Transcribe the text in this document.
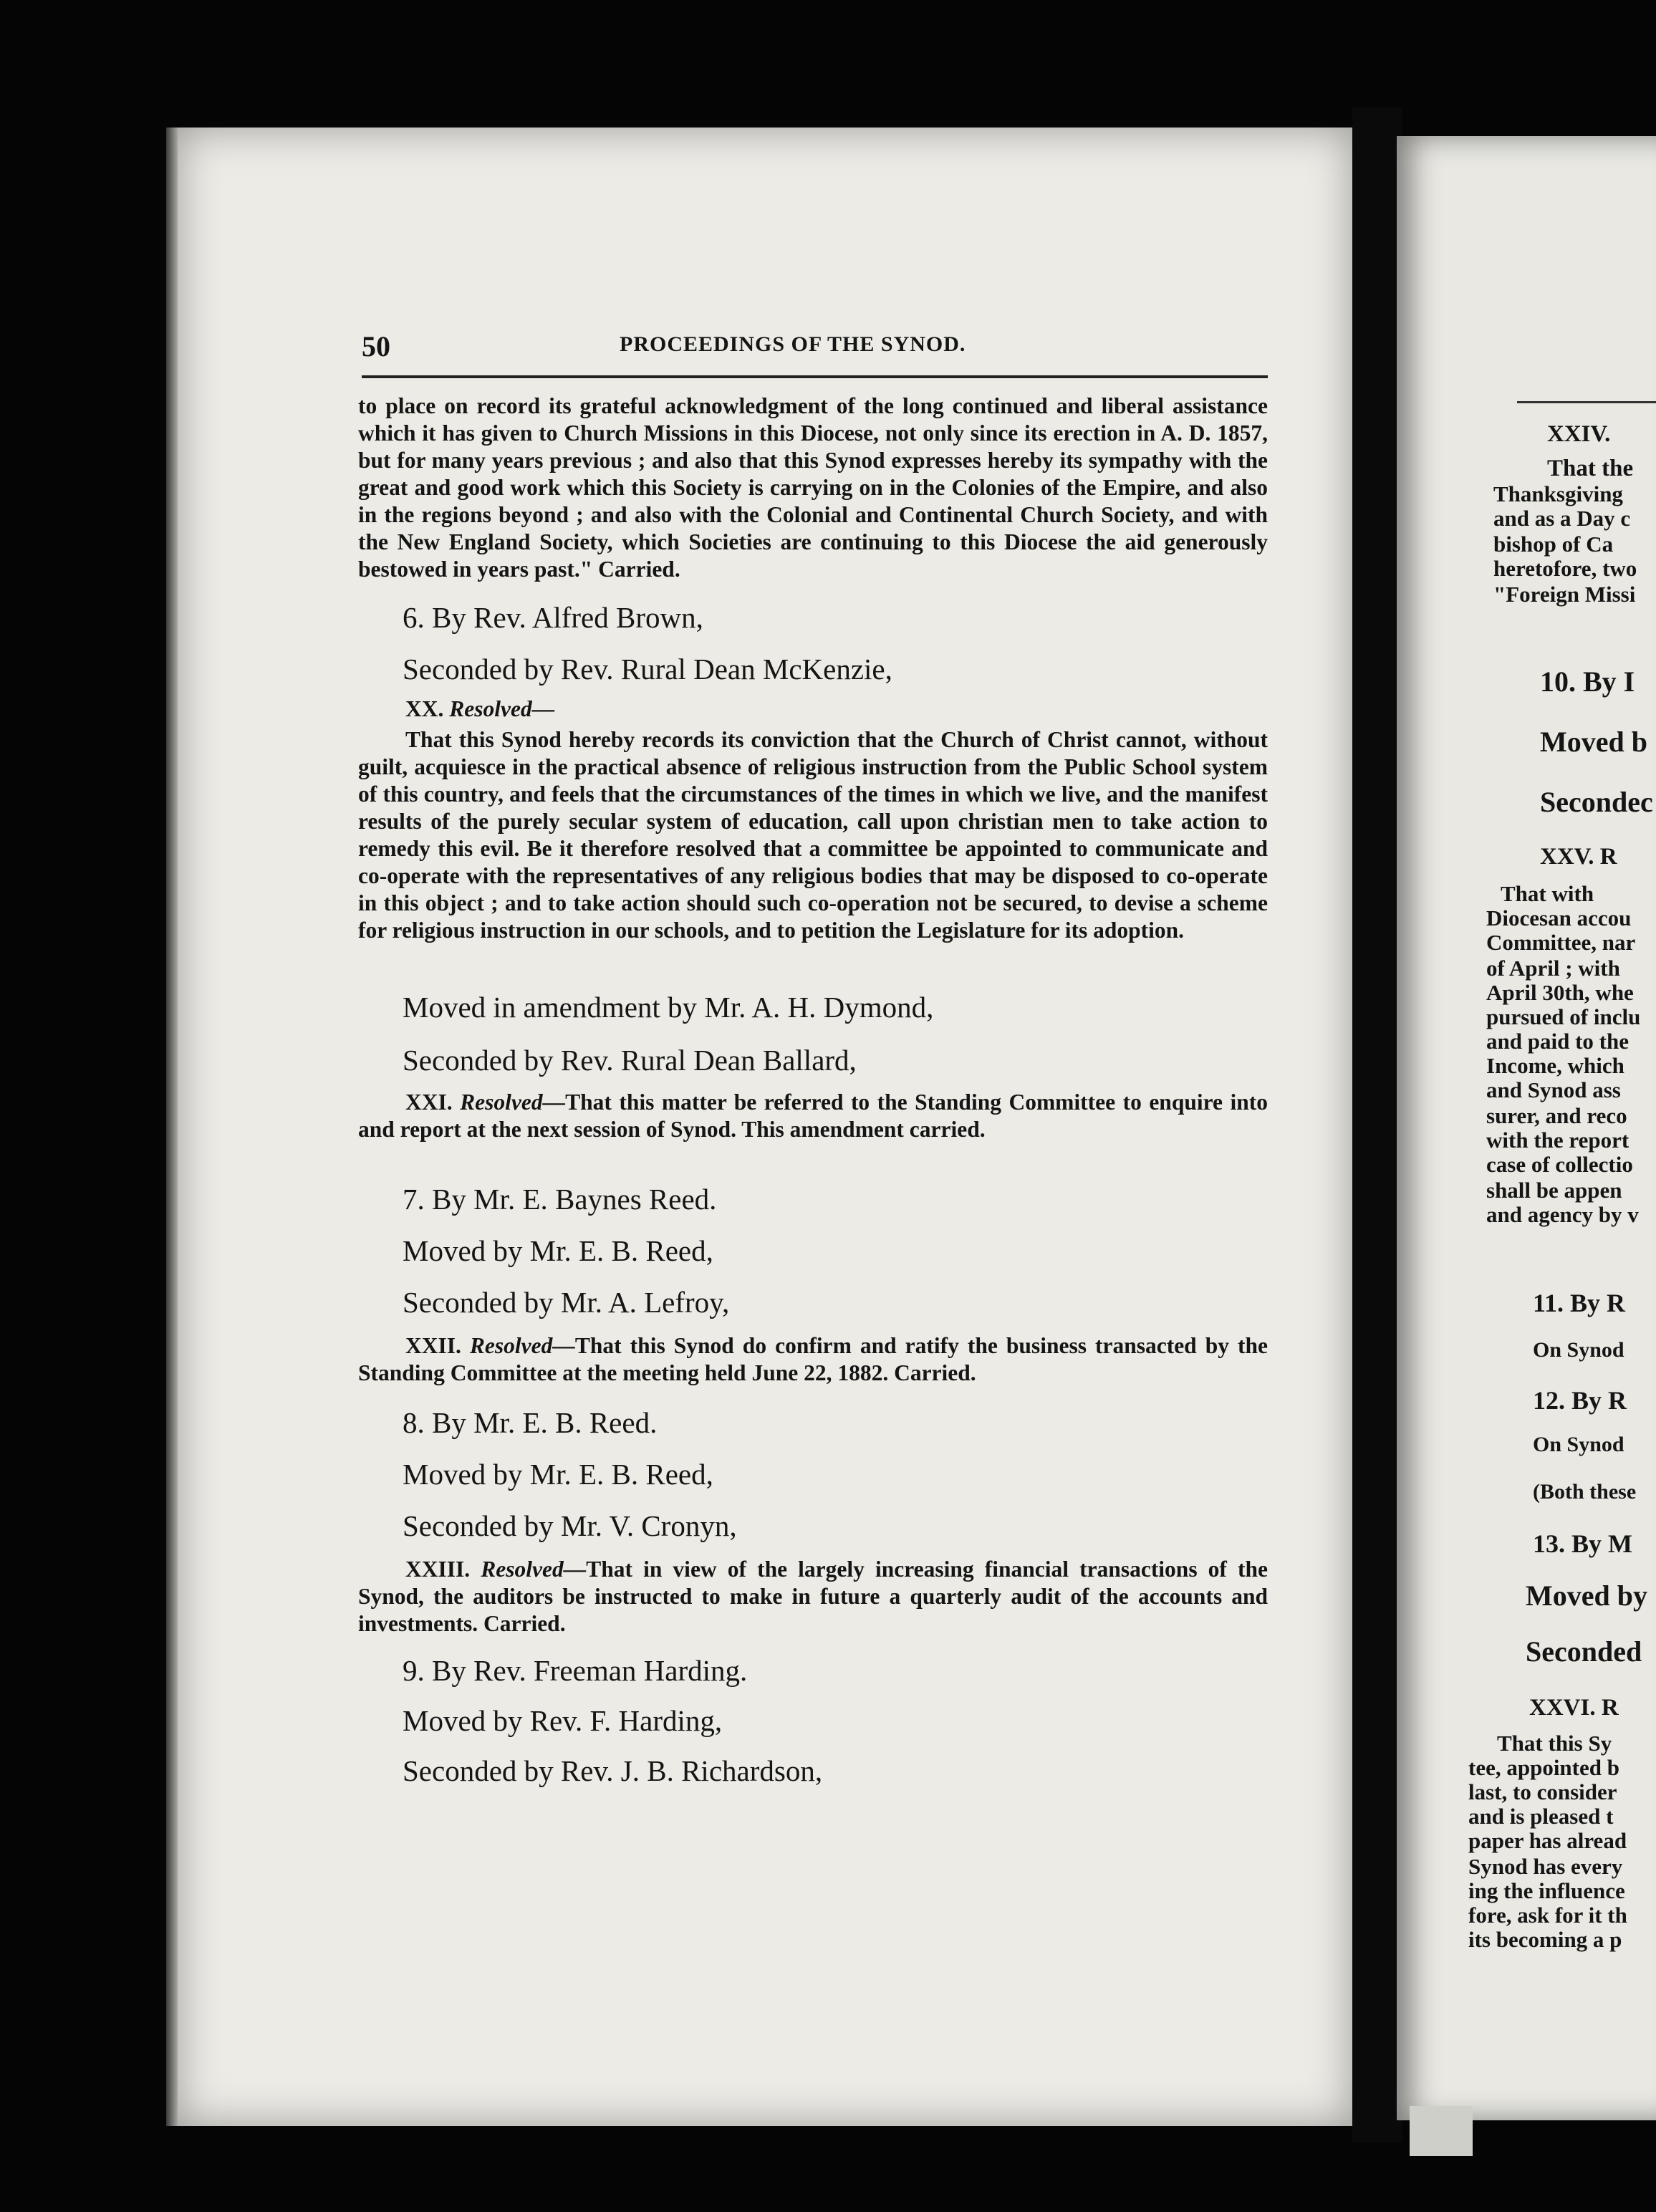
50	PROCEEDINGS OF THE SYNOD.

to place on record its grateful acknowledgment of the long continued and liberal assistance which it has given to Church Missions in this Diocese, not only since its erection in A. D. 1857, but for many years previous ; and also that this Synod expresses hereby its sympathy with the great and good work which this Society is carrying on in the Colonies of the Empire, and also in the regions beyond ; and also with the Colonial and Continental Church Society, and with the New England Society, which Societies are continuing to this Diocese the aid generously bestowed in years past." Carried.

6. By Rev. Alfred Brown,

Seconded by Rev. Rural Dean McKenzie,

XX. Resolved—

That this Synod hereby records its conviction that the Church of Christ cannot, without guilt, acquiesce in the practical absence of religious instruction from the Public School system of this country, and feels that the circumstances of the times in which we live, and the manifest results of the purely secular system of education, call upon christian men to take action to remedy this evil. Be it therefore resolved that a committee be appointed to communicate and co-operate with the representatives of any religious bodies that may be disposed to co-operate in this object ; and to take action should such co-operation not be secured, to devise a scheme for religious instruction in our schools, and to petition the Legislature for its adoption.

Moved in amendment by Mr. A. H. Dymond,

Seconded by Rev. Rural Dean Ballard,

XXI. Resolved—That this matter be referred to the Standing Committee to enquire into and report at the next session of Synod. This amendment carried.

7. By Mr. E. Baynes Reed.

Moved by Mr. E. B. Reed,

Seconded by Mr. A. Lefroy,

XXII. Resolved—That this Synod do confirm and ratify the business transacted by the Standing Committee at the meeting held June 22, 1882. Carried.

8. By Mr. E. B. Reed.

Moved by Mr. E. B. Reed,

Seconded by Mr. V. Cronyn,

XXIII. Resolved—That in view of the largely increasing financial transactions of the Synod, the auditors be instructed to make in future a quarterly audit of the accounts and investments. Carried.

9. By Rev. Freeman Harding.

Moved by Rev. F. Harding,

Seconded by Rev. J. B. Richardson,

XXIV.
That the
Thanksgiving
and as a Day c
bishop of Ca
heretofore, two
"Foreign Missi
10. By I
Moved b
Secondec
XXV. R
That with
Diocesan accou
Committee, nar
of April ; with
April 30th, whe
pursued of inclu
and paid to the
Income, which
and Synod ass
surer, and reco
with the report
case of collectio
shall be appen
and agency by v
11. By R
On Synod
12. By R
On Synod
(Both these
13. By M
Moved by
Seconded
XXVI. R
That this Sy
tee, appointed b
last, to consider
and is pleased t
paper has alread
Synod has every
ing the influence
fore, ask for it th
its becoming a p
